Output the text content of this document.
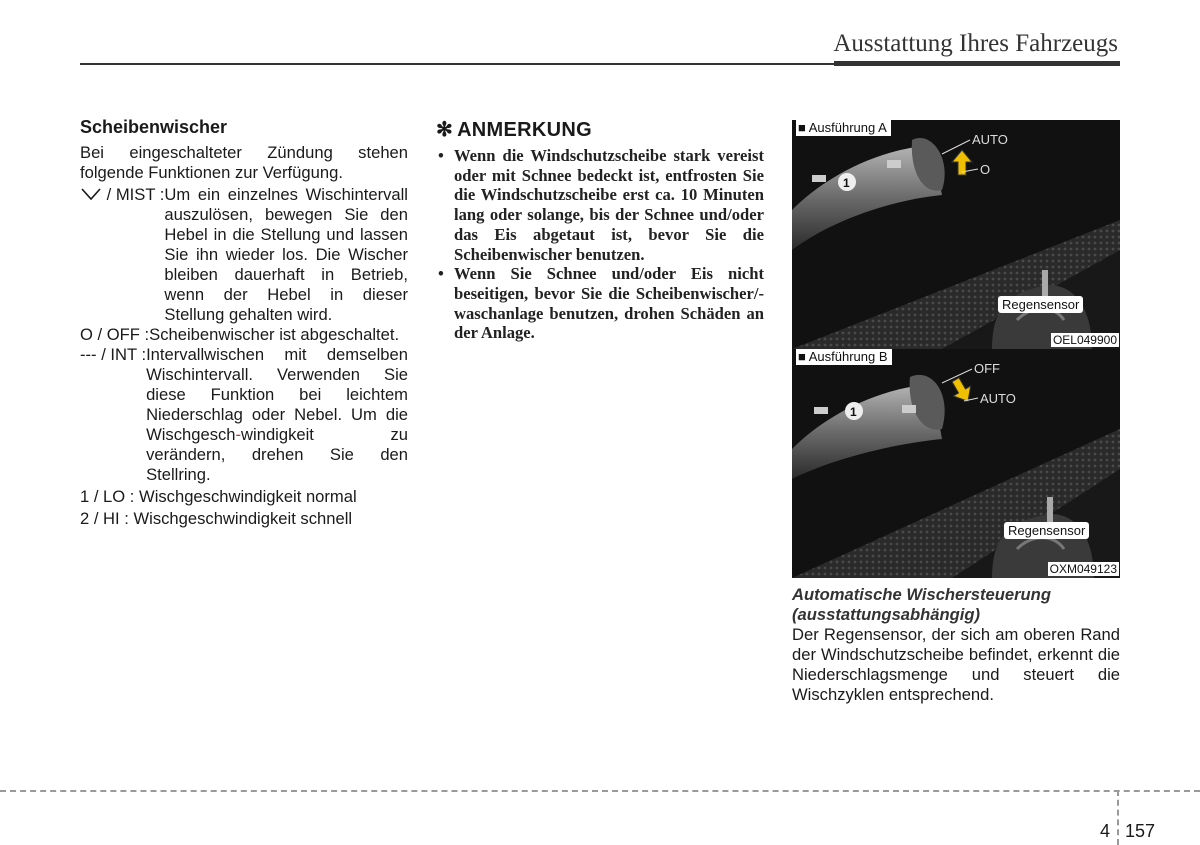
Ausstattung Ihres Fahrzeugs
Scheibenwischer

Bei eingeschalteter Zündung stehen folgende Funktionen zur Verfügung.

/ MIST : Um ein einzelnes Wischintervall auszulösen, bewegen Sie den Hebel in die Stellung und lassen Sie ihn wieder los. Die Wischer bleiben dauerhaft in Betrieb, wenn der Hebel in dieser Stellung gehalten wird.
O / OFF : Scheibenwischer ist abgeschaltet.
--- / INT : Intervallwischen mit demselben Wischintervall. Verwenden Sie diese Funktion bei leichtem Niederschlag oder Nebel. Um die Wischgesch-windigkeit zu verändern, drehen Sie den Stellring.
1 / LO : Wischgeschwindigkeit normal
2 / HI : Wischgeschwindigkeit schnell
✻ ANMERKUNG
• Wenn die Windschutzscheibe stark vereist oder mit Schnee bedeckt ist, entfrosten Sie die Windschutzscheibe erst ca. 10 Minuten lang oder solange, bis der Schnee und/oder das Eis abgetaut ist, bevor Sie die Scheibenwischer benutzen.
• Wenn Sie Schnee und/oder Eis nicht beseitigen, bevor Sie die Scheibenwischer/-waschanlage benutzen, drohen Schäden an der Anlage.
1
AUTO
O
■ Ausführung A
Regensensor
OEL049900
1
OFF
AUTO
■ Ausführung B
Regensensor
OXM049123
Automatische Wischersteuerung (ausstattungsabhängig)

Der Regensensor, der sich am oberen Rand der Windschutzscheibe befindet, erkennt die Niederschlagsmenge und steuert die Wischzyklen entsprechend.

4 157
